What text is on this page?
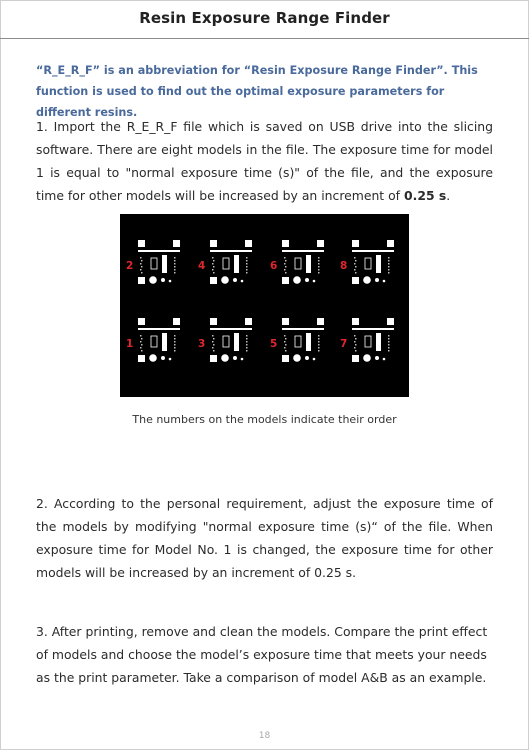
Resin Exposure Range Finder
“R_E_R_F” is an abbreviation for “Resin Exposure Range Finder”. This function is used to find out the optimal exposure parameters for different resins.
1. Import the R_E_R_F file which is saved on USB drive into the slicing software. There are eight models in the file. The exposure time for model 1 is equal to "normal exposure time (s)" of the file, and the exposure time for other models will be increased by an increment of 0.25 s.
2	4	6	8
1	3	5	7
The numbers on the models indicate their order
2. According to the personal requirement, adjust the exposure time of the models by modifying "normal exposure time (s)“ of the file. When exposure time for Model No. 1 is changed, the exposure time for other models will be increased by an increment of 0.25 s.
3. After printing, remove and clean the models. Compare the print effect of models and choose the model’s exposure time that meets your needs as the print parameter. Take a comparison of model A&B as an example.
18
